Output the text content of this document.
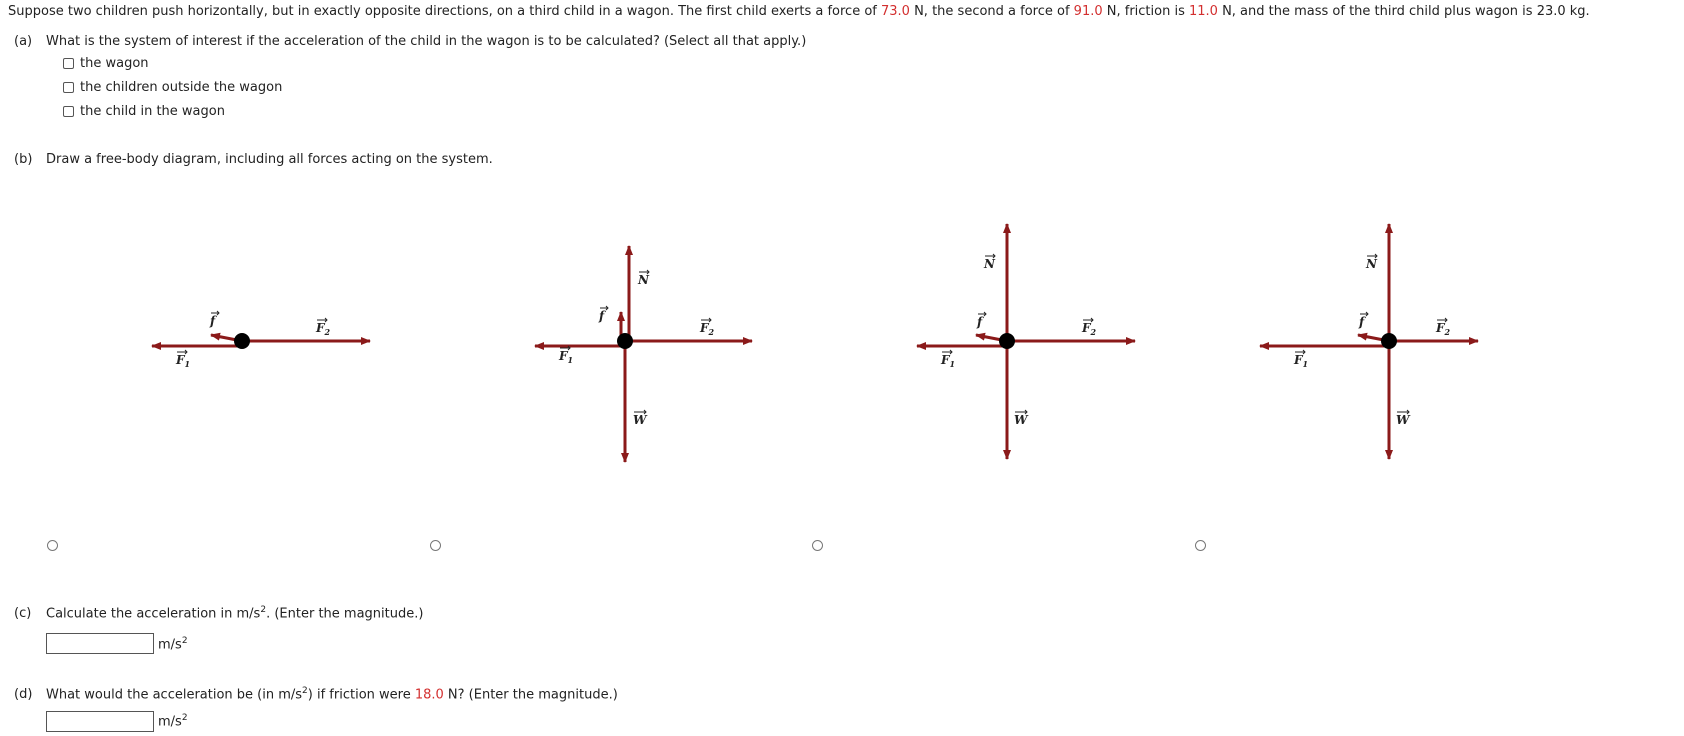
Suppose two children push horizontally, but in exactly opposite directions, on a third child in a wagon. The first child exerts a force of 73.0 N, the second a force of 91.0 N, friction is 11.0 N, and the mass of the third child plus wagon is 23.0 kg.
(a) What is the system of interest if the acceleration of the child in the wagon is to be calculated? (Select all that apply.)
the wagon
the children outside the wagon
the child in the wagon
(b) Draw a free-body diagram, including all forces acting on the system.
f	$F_2$
$F_1$
N
f
$F_2$
$F_1$
W
N
f	$F_2$
$F_1$
W
N
f	$F_2$
$F_1$
W
(c) Calculate the acceleration in $m/s^2$. (Enter the magnitude.)
$m/s^2$
(d) What would the acceleration be (in $m/s^2$) if friction were 18.0 N? (Enter the magnitude.)
$m/s^2$
